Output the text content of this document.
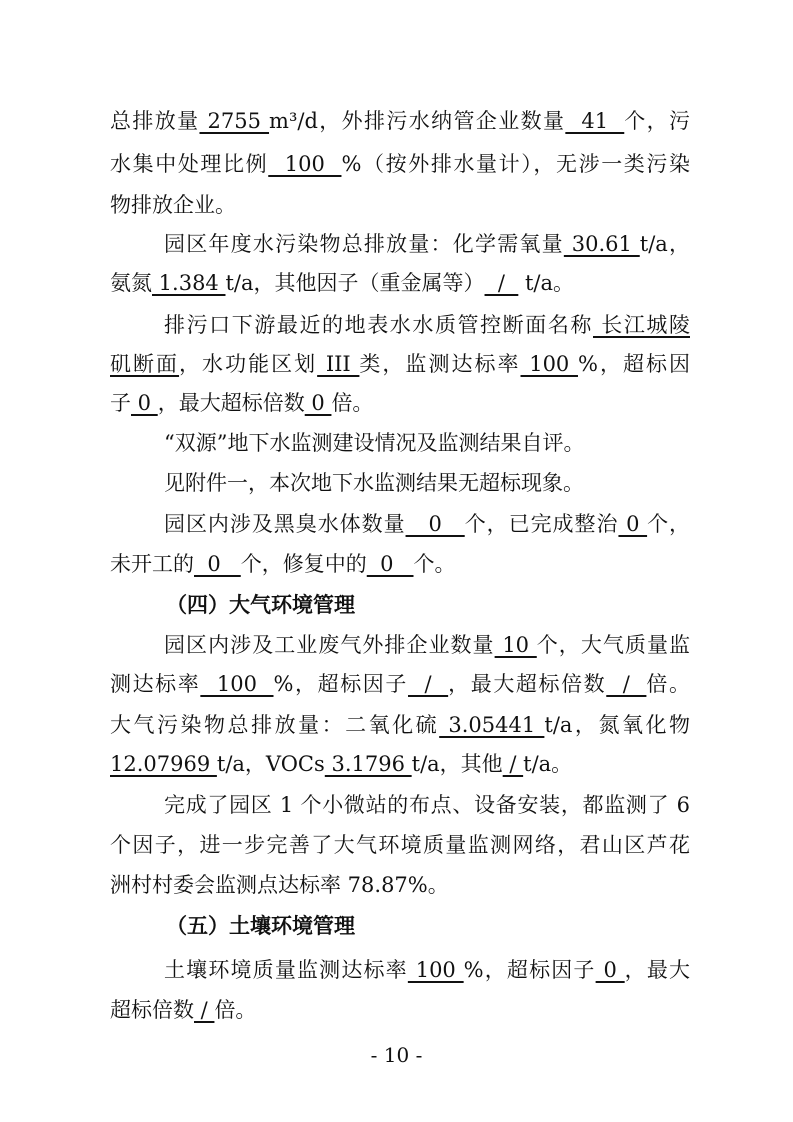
总排放量 2755 m³/d，外排污水纳管企业数量  41  个，污
水集中处理比例  100  %（按外排水量计），无涉一类污染
物排放企业。
园区年度水污染物总排放量：化学需氧量 30.61 t/a，
氨氮 1.384 t/a，其他因子（重金属等）  /   t/a。
排污口下游最近的地表水水质管控断面名称 长江城陵
矶断面，水功能区划 III 类，监测达标率 100 %，超标因
子 0 ，最大超标倍数 0 倍。
“双源”地下水监测建设情况及监测结果自评。
见附件一，本次地下水监测结果无超标现象。
园区内涉及黑臭水体数量   0   个，已完成整治 0 个，
未开工的  0   个，修复中的  0   个。
（四）大气环境管理
园区内涉及工业废气外排企业数量 10 个，大气质量监
测达标率  100  %，超标因子  /  ，最大超标倍数  /  倍。
大气污染物总排放量：二氧化硫 3.05441 t/a，氮氧化物
12.07969 t/a，VOCs 3.1796 t/a，其他 / t/a。
完成了园区 1 个小微站的布点、设备安装，都监测了 6
个因子，进一步完善了大气环境质量监测网络，君山区芦花
洲村村委会监测点达标率 78.87%。
（五）土壤环境管理
土壤环境质量监测达标率 100 %，超标因子 0 ，最大
超标倍数 / 倍。
- 10 -
